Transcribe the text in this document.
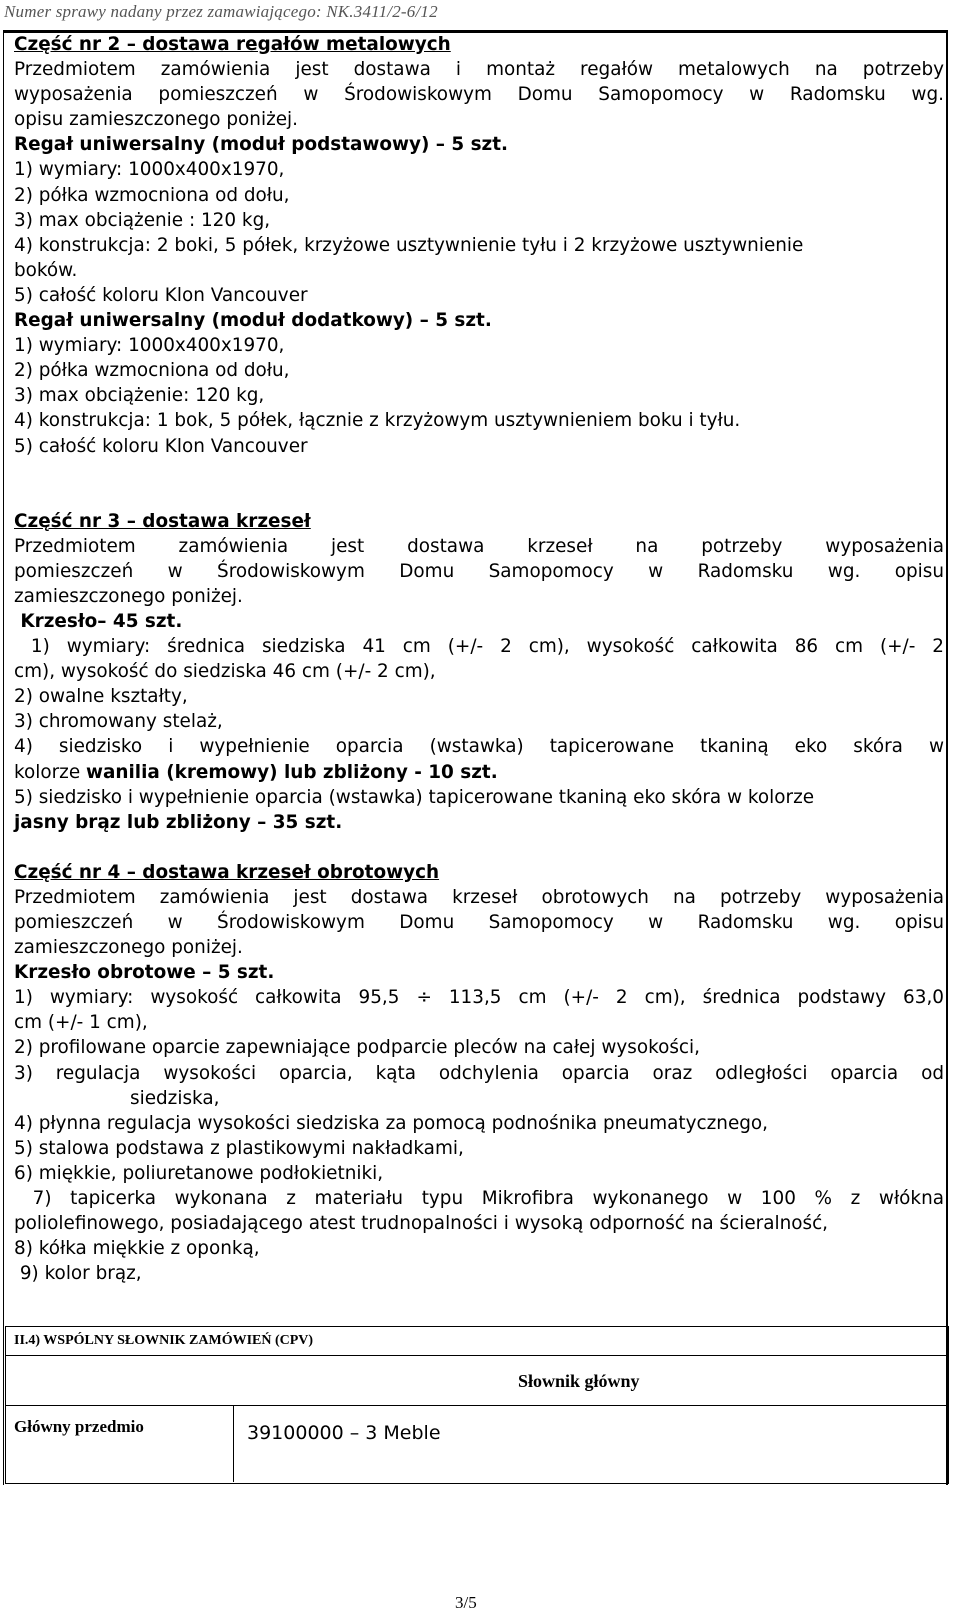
Numer sprawy nadany przez zamawiającego: NK.3411/2-6/12

Część nr 2 – dostawa regałów metalowych

Przedmiotem zamówienia jest dostawa i montaż regałów metalowych na potrzeby

wyposażenia pomieszczeń w Środowiskowym Domu Samopomocy w Radomsku wg.

opisu zamieszczonego poniżej.

Regał uniwersalny (moduł podstawowy) – 5 szt.

1) wymiary: 1000x400x1970,

2) półka wzmocniona od dołu,

3) max obciążenie : 120 kg,

4) konstrukcja: 2 boki, 5 półek, krzyżowe usztywnienie tyłu i 2 krzyżowe usztywnienie

boków.

5) całość koloru Klon Vancouver

Regał uniwersalny (moduł dodatkowy) – 5 szt.

1) wymiary: 1000x400x1970,

2) półka wzmocniona od dołu,

3) max obciążenie: 120 kg,

4) konstrukcja: 1 bok, 5 półek, łącznie z krzyżowym usztywnieniem boku i tyłu.

5) całość koloru Klon Vancouver

Część nr 3 – dostawa krzeseł

Przedmiotem zamówienia jest dostawa krzeseł na potrzeby wyposażenia

pomieszczeń w Środowiskowym Domu Samopomocy w Radomsku wg. opisu

zamieszczonego poniżej.

Krzesło– 45 szt.

1) wymiary: średnica siedziska 41 cm (+/- 2 cm), wysokość całkowita 86 cm (+/- 2

cm), wysokość do siedziska 46 cm (+/- 2 cm),

2) owalne kształty,

3) chromowany stelaż,

4) siedzisko i wypełnienie oparcia (wstawka) tapicerowane tkaniną eko skóra w

kolorze wanilia (kremowy) lub zbliżony - 10 szt.

5) siedzisko i wypełnienie oparcia (wstawka) tapicerowane tkaniną eko skóra w kolorze

jasny brąz lub zbliżony – 35 szt.

Część nr 4 – dostawa krzeseł obrotowych

Przedmiotem zamówienia jest dostawa krzeseł obrotowych na potrzeby wyposażenia

pomieszczeń w Środowiskowym Domu Samopomocy w Radomsku wg. opisu

zamieszczonego poniżej.

Krzesło obrotowe – 5 szt.

1) wymiary: wysokość całkowita 95,5 ÷ 113,5 cm (+/- 2 cm), średnica podstawy 63,0

cm (+/- 1 cm),

2) profilowane oparcie zapewniające podparcie pleców na całej wysokości,

3) regulacja wysokości oparcia, kąta odchylenia oparcia oraz odległości oparcia od

siedziska,

4) płynna regulacja wysokości siedziska za pomocą podnośnika pneumatycznego,

5) stalowa podstawa z plastikowymi nakładkami,

6) miękkie, poliuretanowe podłokietniki,

7) tapicerka wykonana z materiału typu Mikrofibra wykonanego w 100 % z włókna

poliolefinowego, posiadającego atest trudnopalności i wysoką odporność na ścieralność,

8) kółka miękkie z oponką,

9) kolor brąz,

II.4) WSPÓLNY SŁOWNIK ZAMÓWIEŃ (CPV)
Słownik główny
Główny przedmio	39100000 – 3 Meble
3/5
